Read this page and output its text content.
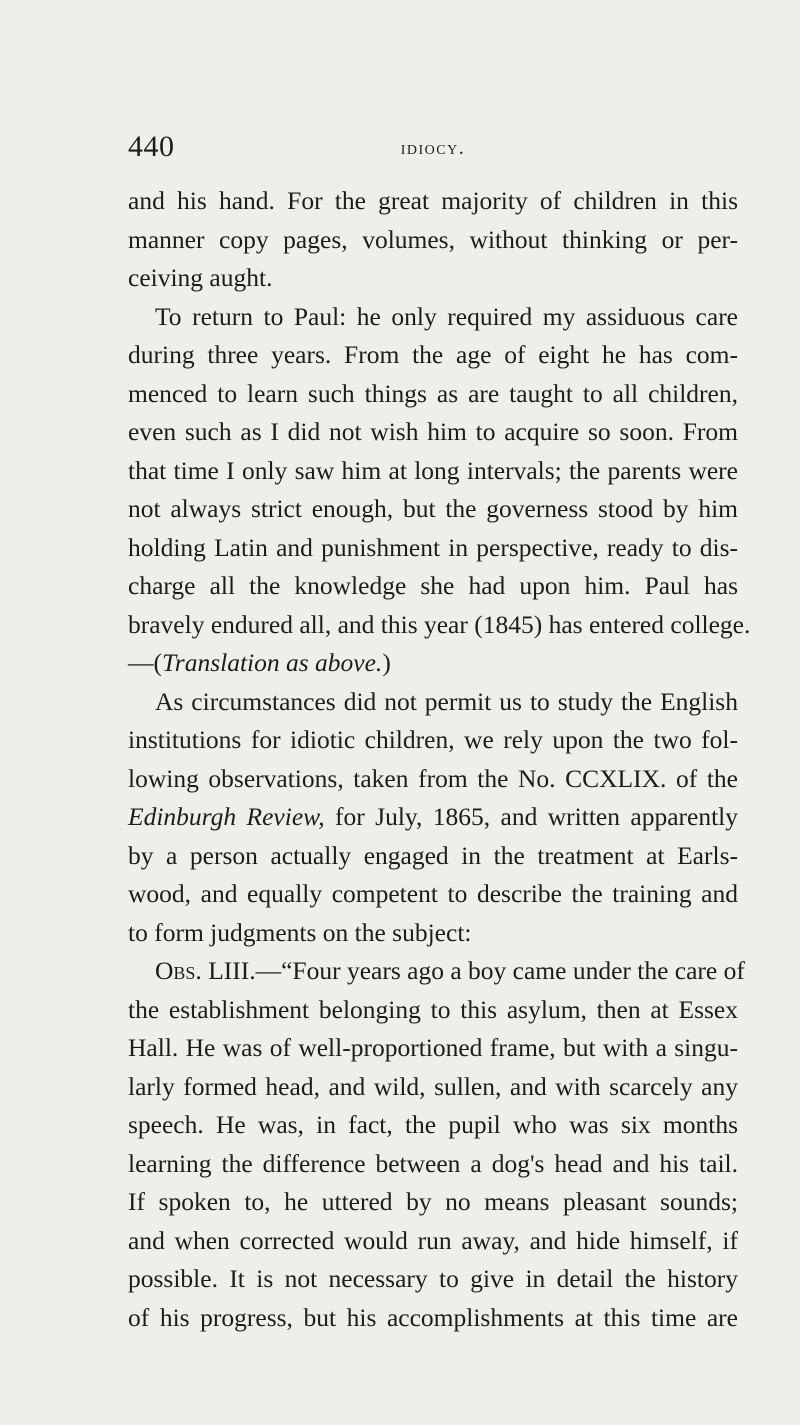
440	idiocy.
and his hand. For the great majority of children in this
manner copy pages, volumes, without thinking or per-
ceiving aught.
To return to Paul: he only required my assiduous care
during three years. From the age of eight he has com-
menced to learn such things as are taught to all children,
even such as I did not wish him to acquire so soon. From
that time I only saw him at long intervals; the parents were
not always strict enough, but the governess stood by him
holding Latin and punishment in perspective, ready to dis-
charge all the knowledge she had upon him. Paul has
bravely endured all, and this year (1845) has entered college.
—(Translation as above.)
As circumstances did not permit us to study the English
institutions for idiotic children, we rely upon the two fol-
lowing observations, taken from the No. CCXLIX. of the
Edinburgh Review, for July, 1865, and written apparently
by a person actually engaged in the treatment at Earls-
wood, and equally competent to describe the training and
to form judgments on the subject:
Obs. LIII.—“Four years ago a boy came under the care of
the establishment belonging to this asylum, then at Essex
Hall. He was of well-proportioned frame, but with a singu-
larly formed head, and wild, sullen, and with scarcely any
speech. He was, in fact, the pupil who was six months
learning the difference between a dog's head and his tail.
If spoken to, he uttered by no means pleasant sounds;
and when corrected would run away, and hide himself, if
possible. It is not necessary to give in detail the history
of his progress, but his accomplishments at this time are
